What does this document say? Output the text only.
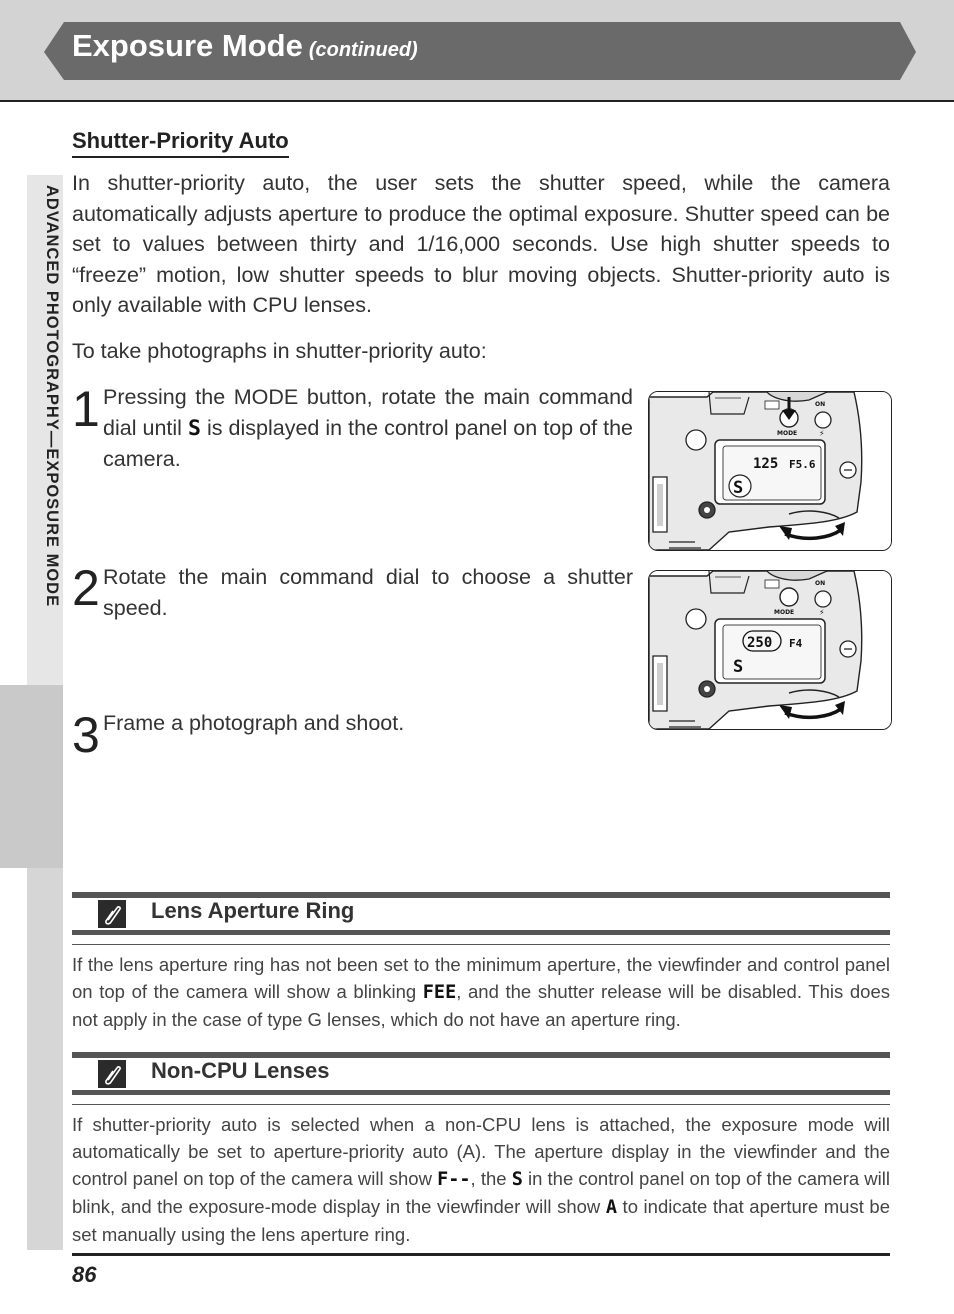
Exposure Mode (continued)
ADVANCED PHOTOGRAPHY—EXPOSURE MODE
Shutter-Priority Auto
In shutter-priority auto, the user sets the shutter speed, while the camera automatically adjusts aperture to produce the optimal exposure. Shutter speed can be set to values between thirty and 1/16,000 seconds. Use high shutter speeds to “freeze” motion, low shutter speeds to blur moving objects. Shutter-priority auto is only available with CPU lenses.
To take photographs in shutter-priority auto:
1 Pressing the MODE button, rotate the main command dial until S is displayed in the control panel on top of the camera.
2 Rotate the main command dial to choose a shutter speed.
3 Frame a photograph and shoot.
MODE
ON
⚡
125 F5.6
S
MODE
ON
⚡
250 F4
S
Lens Aperture Ring
If the lens aperture ring has not been set to the minimum aperture, the viewfinder and control panel on top of the camera will show a blinking FEE, and the shutter release will be disabled. This does not apply in the case of type G lenses, which do not have an aperture ring.
Non-CPU Lenses
If shutter-priority auto is selected when a non-CPU lens is attached, the exposure mode will automatically be set to aperture-priority auto (A). The aperture display in the viewfinder and the control panel on top of the camera will show F--, the S in the control panel on top of the camera will blink, and the exposure-mode display in the viewfinder will show A to indicate that aperture must be set manually using the lens aperture ring.
86
